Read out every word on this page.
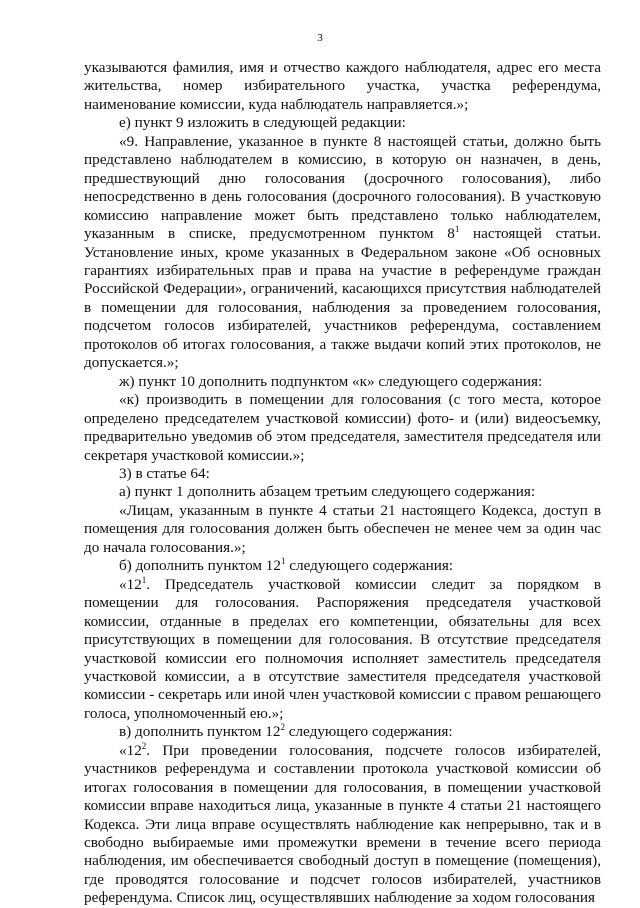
3

указываются фамилия, имя и отчество каждого наблюдателя, адрес его места жительства, номер избирательного участка, участка референдума, наименование комиссии, куда наблюдатель направляется.»;

е) пункт 9 изложить в следующей редакции:

«9. Направление, указанное в пункте 8 настоящей статьи, должно быть представлено наблюдателем в комиссию, в которую он назначен, в день, предшествующий дню голосования (досрочного голосования), либо непосредственно в день голосования (досрочного голосования). В участковую комиссию направление может быть представлено только наблюдателем, указанным в списке, предусмотренном пунктом $8^1$ настоящей статьи. Установление иных, кроме указанных в Федеральном законе «Об основных гарантиях избирательных прав и права на участие в референдуме граждан Российской Федерации», ограничений, касающихся присутствия наблюдателей в помещении для голосования, наблюдения за проведением голосования, подсчетом голосов избирателей, участников референдума, составлением протоколов об итогах голосования, а также выдачи копий этих протоколов, не допускается.»;

ж) пункт 10 дополнить подпунктом «к» следующего содержания:

«к) производить в помещении для голосования (с того места, которое определено председателем участковой комиссии) фото- и (или) видеосъемку, предварительно уведомив об этом председателя, заместителя председателя или секретаря участковой комиссии.»;

3) в статье 64:

а) пункт 1 дополнить абзацем третьим следующего содержания:

«Лицам, указанным в пункте 4 статьи 21 настоящего Кодекса, доступ в помещения для голосования должен быть обеспечен не менее чем за один час до начала голосования.»;

б) дополнить пунктом $12^1$ следующего содержания:

«$12^1$. Председатель участковой комиссии следит за порядком в помещении для голосования. Распоряжения председателя участковой комиссии, отданные в пределах его компетенции, обязательны для всех присутствующих в помещении для голосования. В отсутствие председателя участковой комиссии его полномочия исполняет заместитель председателя участковой комиссии, а в отсутствие заместителя председателя участковой комиссии - секретарь или иной член участковой комиссии с правом решающего голоса, уполномоченный ею.»;

в) дополнить пунктом $12^2$ следующего содержания:

«$12^2$. При проведении голосования, подсчете голосов избирателей, участников референдума и составлении протокола участковой комиссии об итогах голосования в помещении для голосования, в помещении участковой комиссии вправе находиться лица, указанные в пункте 4 статьи 21 настоящего Кодекса. Эти лица вправе осуществлять наблюдение как непрерывно, так и в свободно выбираемые ими промежутки времени в течение всего периода наблюдения, им обеспечивается свободный доступ в помещение (помещения), где проводятся голосование и подсчет голосов избирателей, участников референдума. Список лиц, осуществлявших наблюдение за ходом голосования
